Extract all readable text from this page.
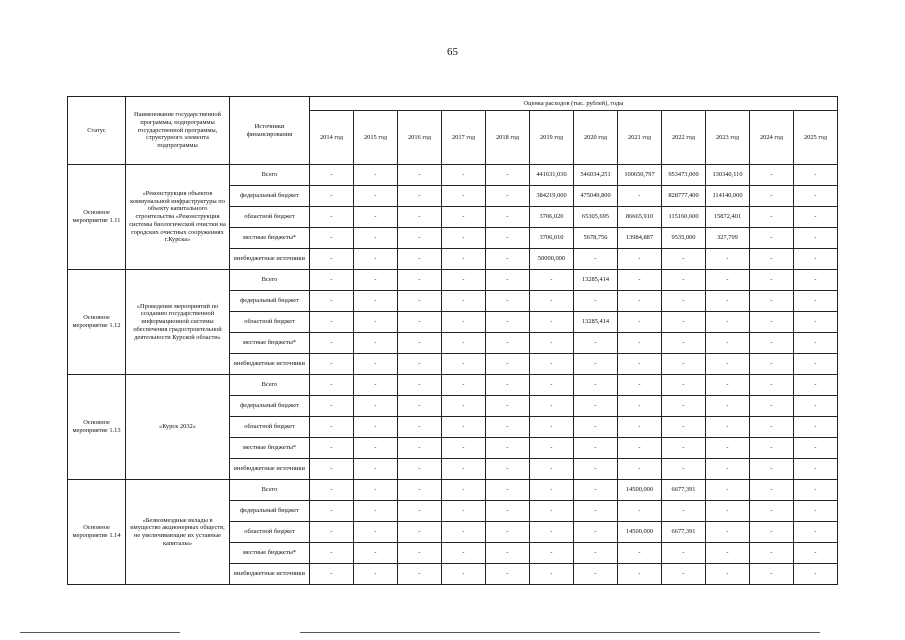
65
Статус	Наименование государственной программы, подпрограммы государственной программы, структурного элемента подпрограммы	Источники финансирования	Оценка расходов (тыс. рублей), годы											
			2014 год	2015 год	2016 год	2017 год	2018 год	2019 год	2020 год	2021 год	2022 год	2023 год	2024 год	2025 год
Основное мероприятие 1.11	«Реконструкция объектов коммунальной инфраструктуры по объекту капитального строительства «Реконструкция системы биологической очистки на городских очистных сооружениях г.Курска»	Всего	-	-	-	-	-	441631,030	546034,251	100650,797	953473,000	130340,110	-	-
		федеральный бюджет	-	-	-	-	-	384219,000	475049,800	-	828777,400	114140,000	-	-
		областной бюджет	-	-	-	-	-	3706,020	65305,695	86665,910	115160,600	15872,401	-	-
		местные бюджеты*	-	-	-	-	-	3706,010	5678,756	13984,887	9535,000	327,709	-	-
		внебюджетные источники	-	-	-	-	-	50000,000	-	-	-	-	-	-
Основное мероприятие 1.12	«Проведение мероприятий по созданию государственной информационной системы обеспечения градостроительной деятельности Курской области»	Всего	-	-	-	-	-	-	13285,414	-	-	-	-	-
		федеральный бюджет	-	-	-	-	-	-	-	-	-	-	-	-
		областной бюджет	-	-	-	-	-	-	13285,414	-	-	-	-	-
		местные бюджеты*	-	-	-	-	-	-	-	-	-	-	-	-
		внебюджетные источники	-	-	-	-	-	-	-	-	-	-	-	-
Основное мероприятие 1.13	«Курск 2032»	Всего	-	-	-	-	-	-	-	-	-	-	-	-
		федеральный бюджет	-	-	-	-	-	-	-	-	-	-	-	-
		областной бюджет	-	-	-	-	-	-	-	-	-	-	-	-
		местные бюджеты*	-	-	-	-	-	-	-	-	-	-	-	-
		внебюджетные источники	-	-	-	-	-	-	-	-	-	-	-	-
Основное мероприятие 1.14	«Безвозмездные вклады в имущество акционерных обществ, не увеличивающие их уставные капиталы»	Всего	-	-	-	-	-	-	-	14500,000	6677,391	-	-	-
		федеральный бюджет	-	-	-	-	-	-	-	-	-	-	-	-
		областной бюджет	-	-	-	-	-	-	-	14500,000	6677,391	-	-	-
		местные бюджеты*	-	-	-	-	-	-	-	-	-	-	-	-
		внебюджетные источники	-	-	-	-	-	-	-	-	-	-	-	-
